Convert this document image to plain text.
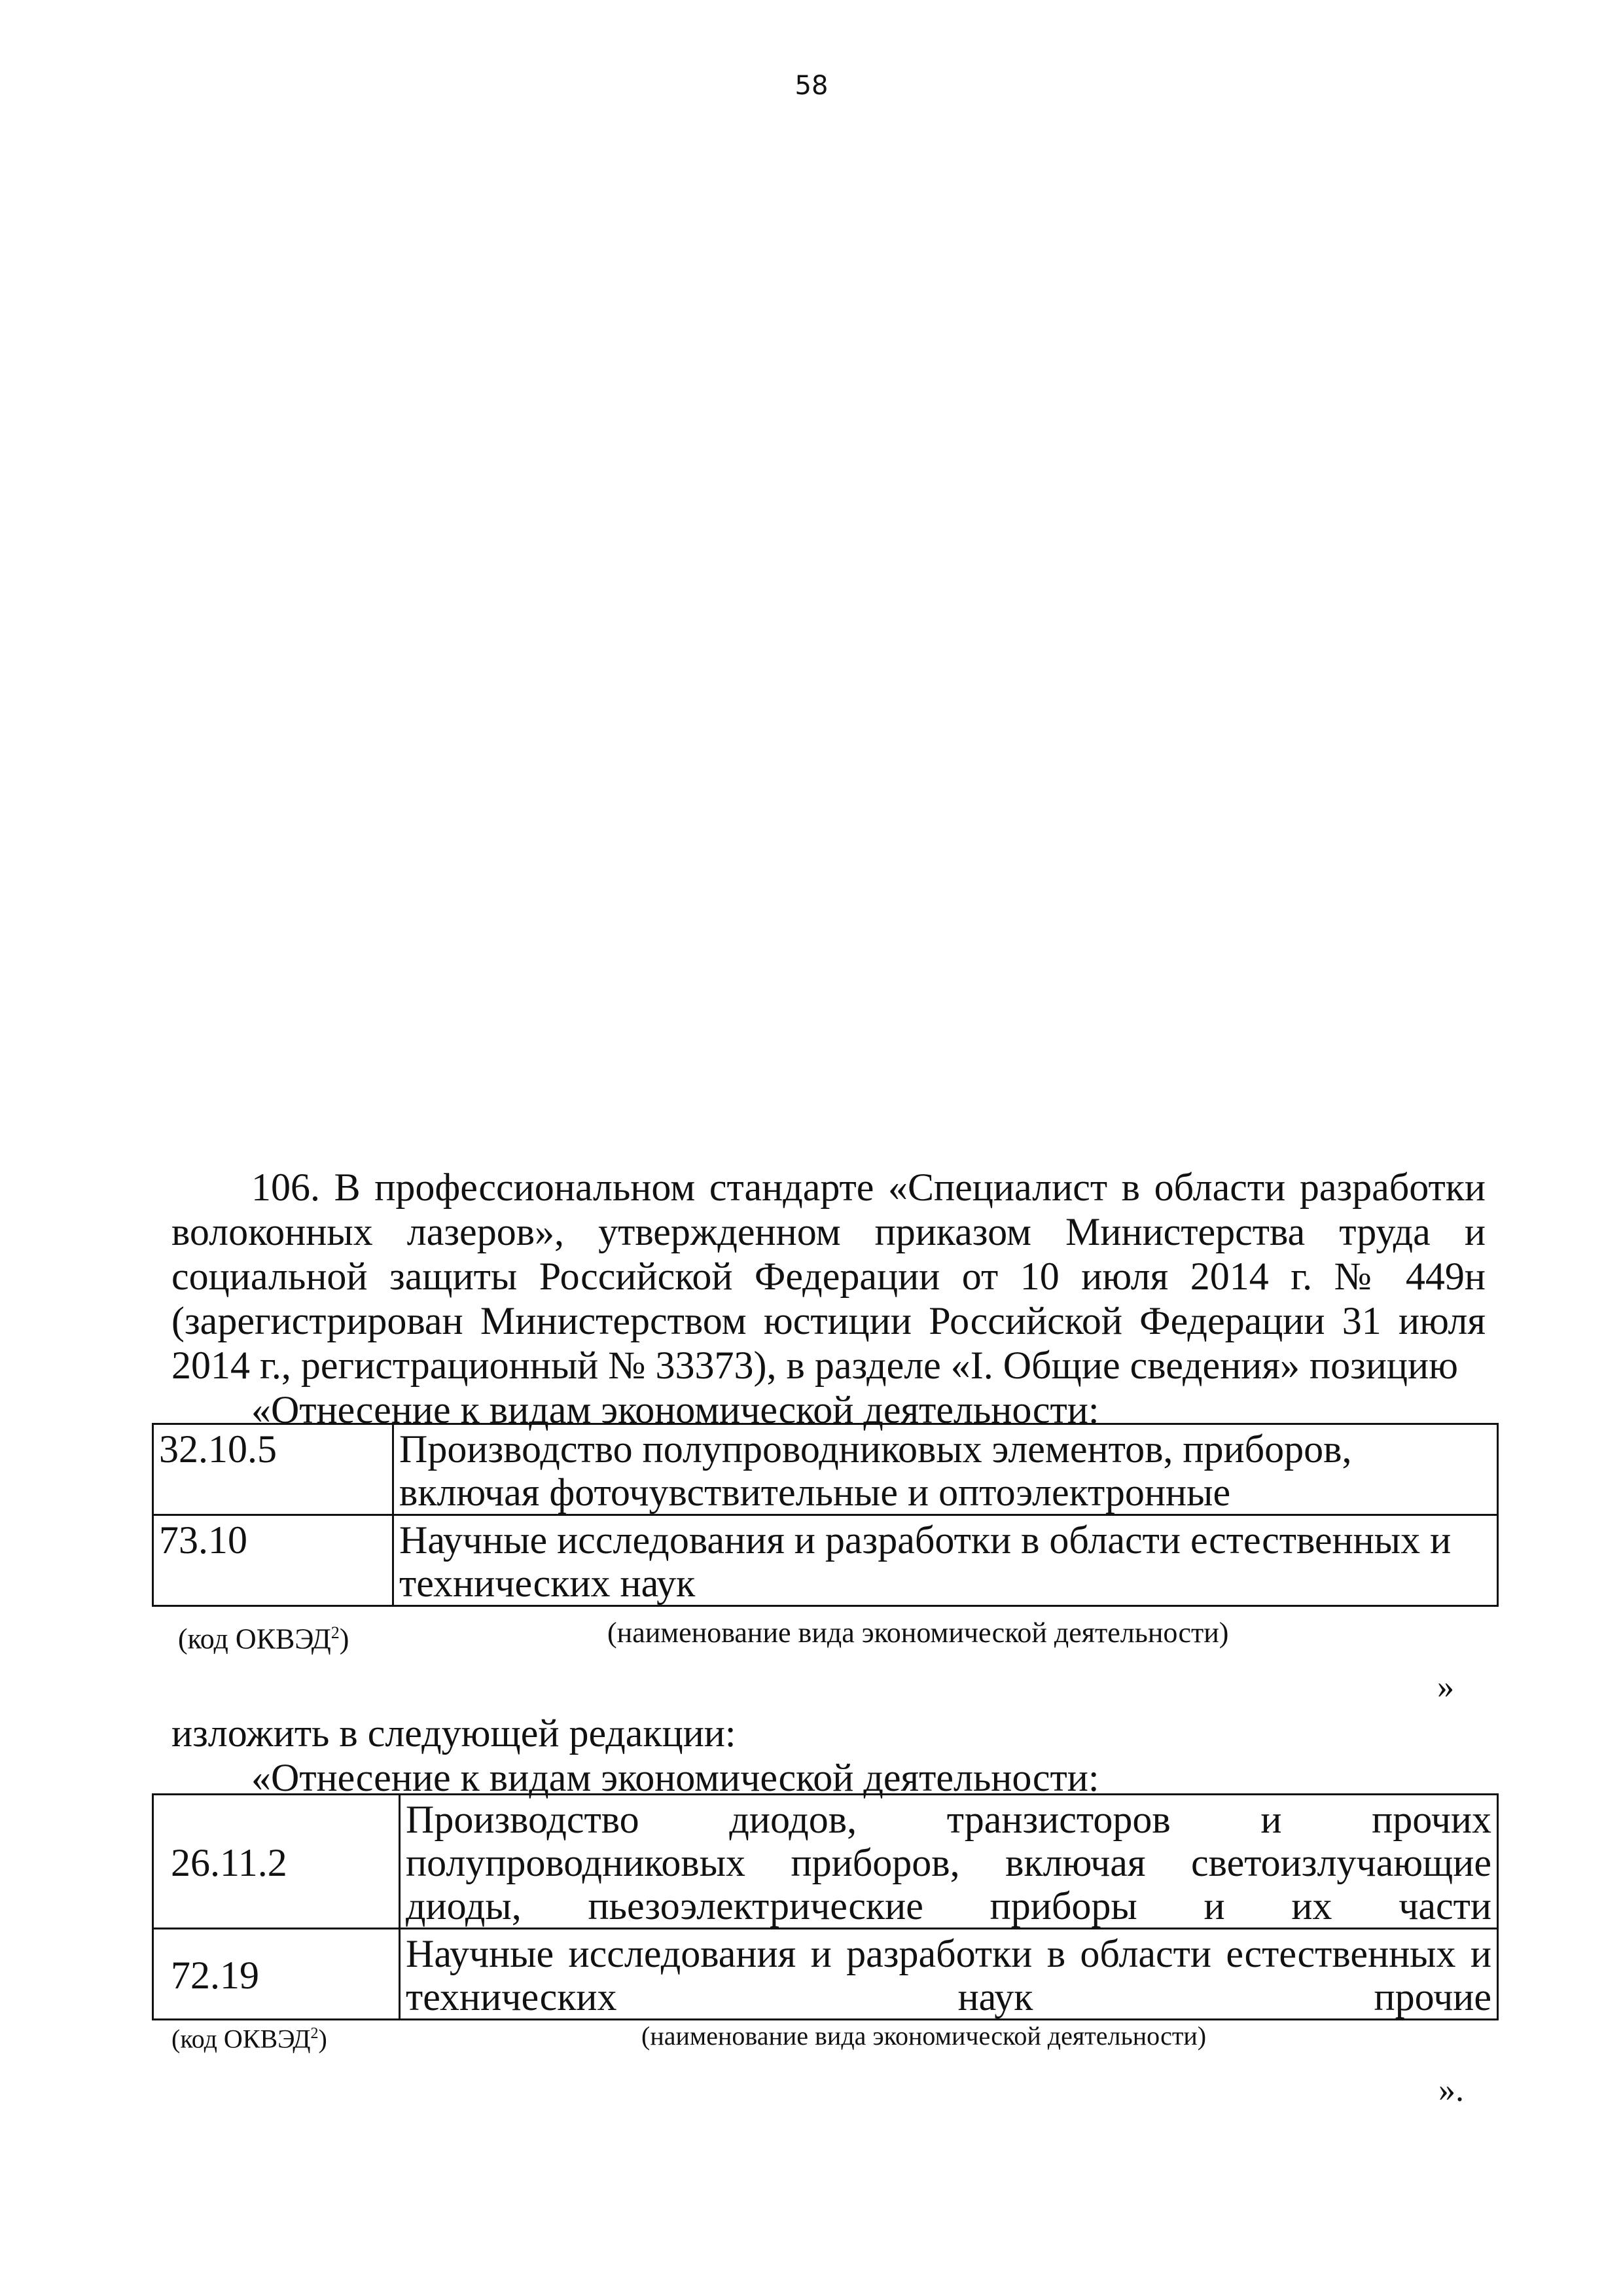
58

106. В профессиональном стандарте «Специалист в области разработки волоконных лазеров», утвержденном приказом Министерства труда и социальной защиты Российской Федерации от 10 июля 2014 г. № 449н (зарегистрирован Министерством юстиции Российской Федерации 31 июля 2014 г., регистрационный № 33373), в разделе «I. Общие сведения» позицию

«Отнесение к видам экономической деятельности:

32.10.5	Производство полупроводниковых элементов, приборов, включая фоточувствительные и оптоэлектронные
73.10	Научные исследования и разработки в области естественных и технических наук
(код ОКВЭД$^2$)	(наименование вида экономической деятельности)
»

изложить в следующей редакции:

«Отнесение к видам экономической деятельности:

26.11.2	Производство диодов, транзисторов и прочих полупроводниковых приборов, включая светоизлучающие диоды, пьезоэлектрические приборы и их части
72.19	Научные исследования и разработки в области естественных и технических наук прочие
(код ОКВЭД$^2$)	(наименование вида экономической деятельности)
».
